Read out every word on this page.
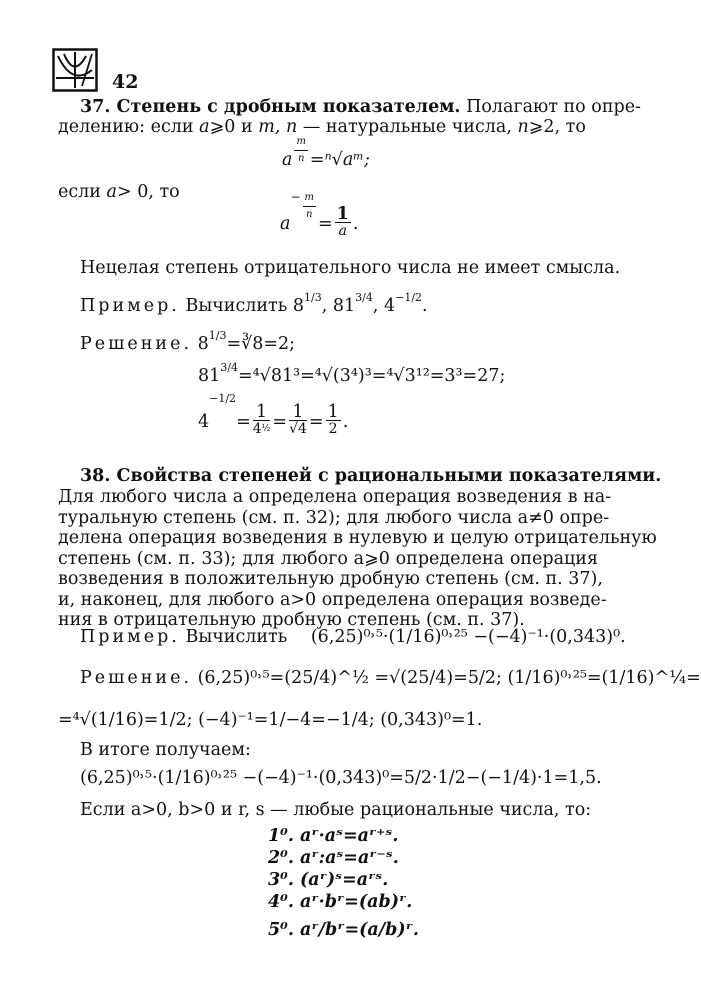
42
37. Степень с дробным показателем. Полагают по опре-
делению: если a⩾0 и m, n — натуральные числа, n⩾2, то
a $\frac{m}{n}$ =ⁿ√aᵐ;
если a> 0, то
$a^- \frac{m}{n}$
= $\frac{1}{a}$ .
Нецелая степень отрицательного числа не имеет смысла.
Пример. Вычислить $8^{1/3}$, $81^{3/4}$, $4^{-1/2}$.
Решение. $8^{1/3}=∛8=2$;
$81^{3/4}=^4√81^3=^4√(3^4)^3=^4√3^{12}=3^3=27$;
$4^{-1/2}= \frac{1}{4^{\frac{1}{2}}} = \frac{1}{√4} = \frac{1}{2}$ .
38. Свойства степеней с рациональными показателями.
Для любого числа a определена операция возведения в на-
туральную степень (см. п. 32); для любого числа a≠0 опре-
делена операция возведения в нулевую и целую отрицательную
степень (см. п. 33); для любого a⩾0 определена операция
возведения в положительную дробную степень (см. п. 37),
и, наконец, для любого a>0 определена операция возведе-
ния в отрицательную дробную степень (см. п. 37).
Пример. Вычислить (6,25)⁰˒⁵·(1/16)⁰˒²⁵ −(−4)⁻¹·(0,343)⁰.
Решение. (6,25)⁰˒⁵=(25/4)^½ =√(25/4)=5/2; (1/16)⁰˒²⁵=(1/16)^¼=
=⁴√(1/16)=1/2; (−4)⁻¹=1/−4=−1/4; (0,343)⁰=1.
В итоге получаем:
(6,25)⁰˒⁵·(1/16)⁰˒²⁵ −(−4)⁻¹·(0,343)⁰=5/2·1/2−(−1/4)·1=1,5.
Если a>0, b>0 и r, s — любые рациональные числа, то:
1⁰. aʳ·aˢ=aʳ⁺ˢ.
2⁰. aʳ:aˢ=aʳ⁻ˢ.
3⁰. (aʳ)ˢ=aʳˢ.
4⁰. aʳ·bʳ=(ab)ʳ.
5⁰. aʳ/bʳ=(a/b)ʳ.
